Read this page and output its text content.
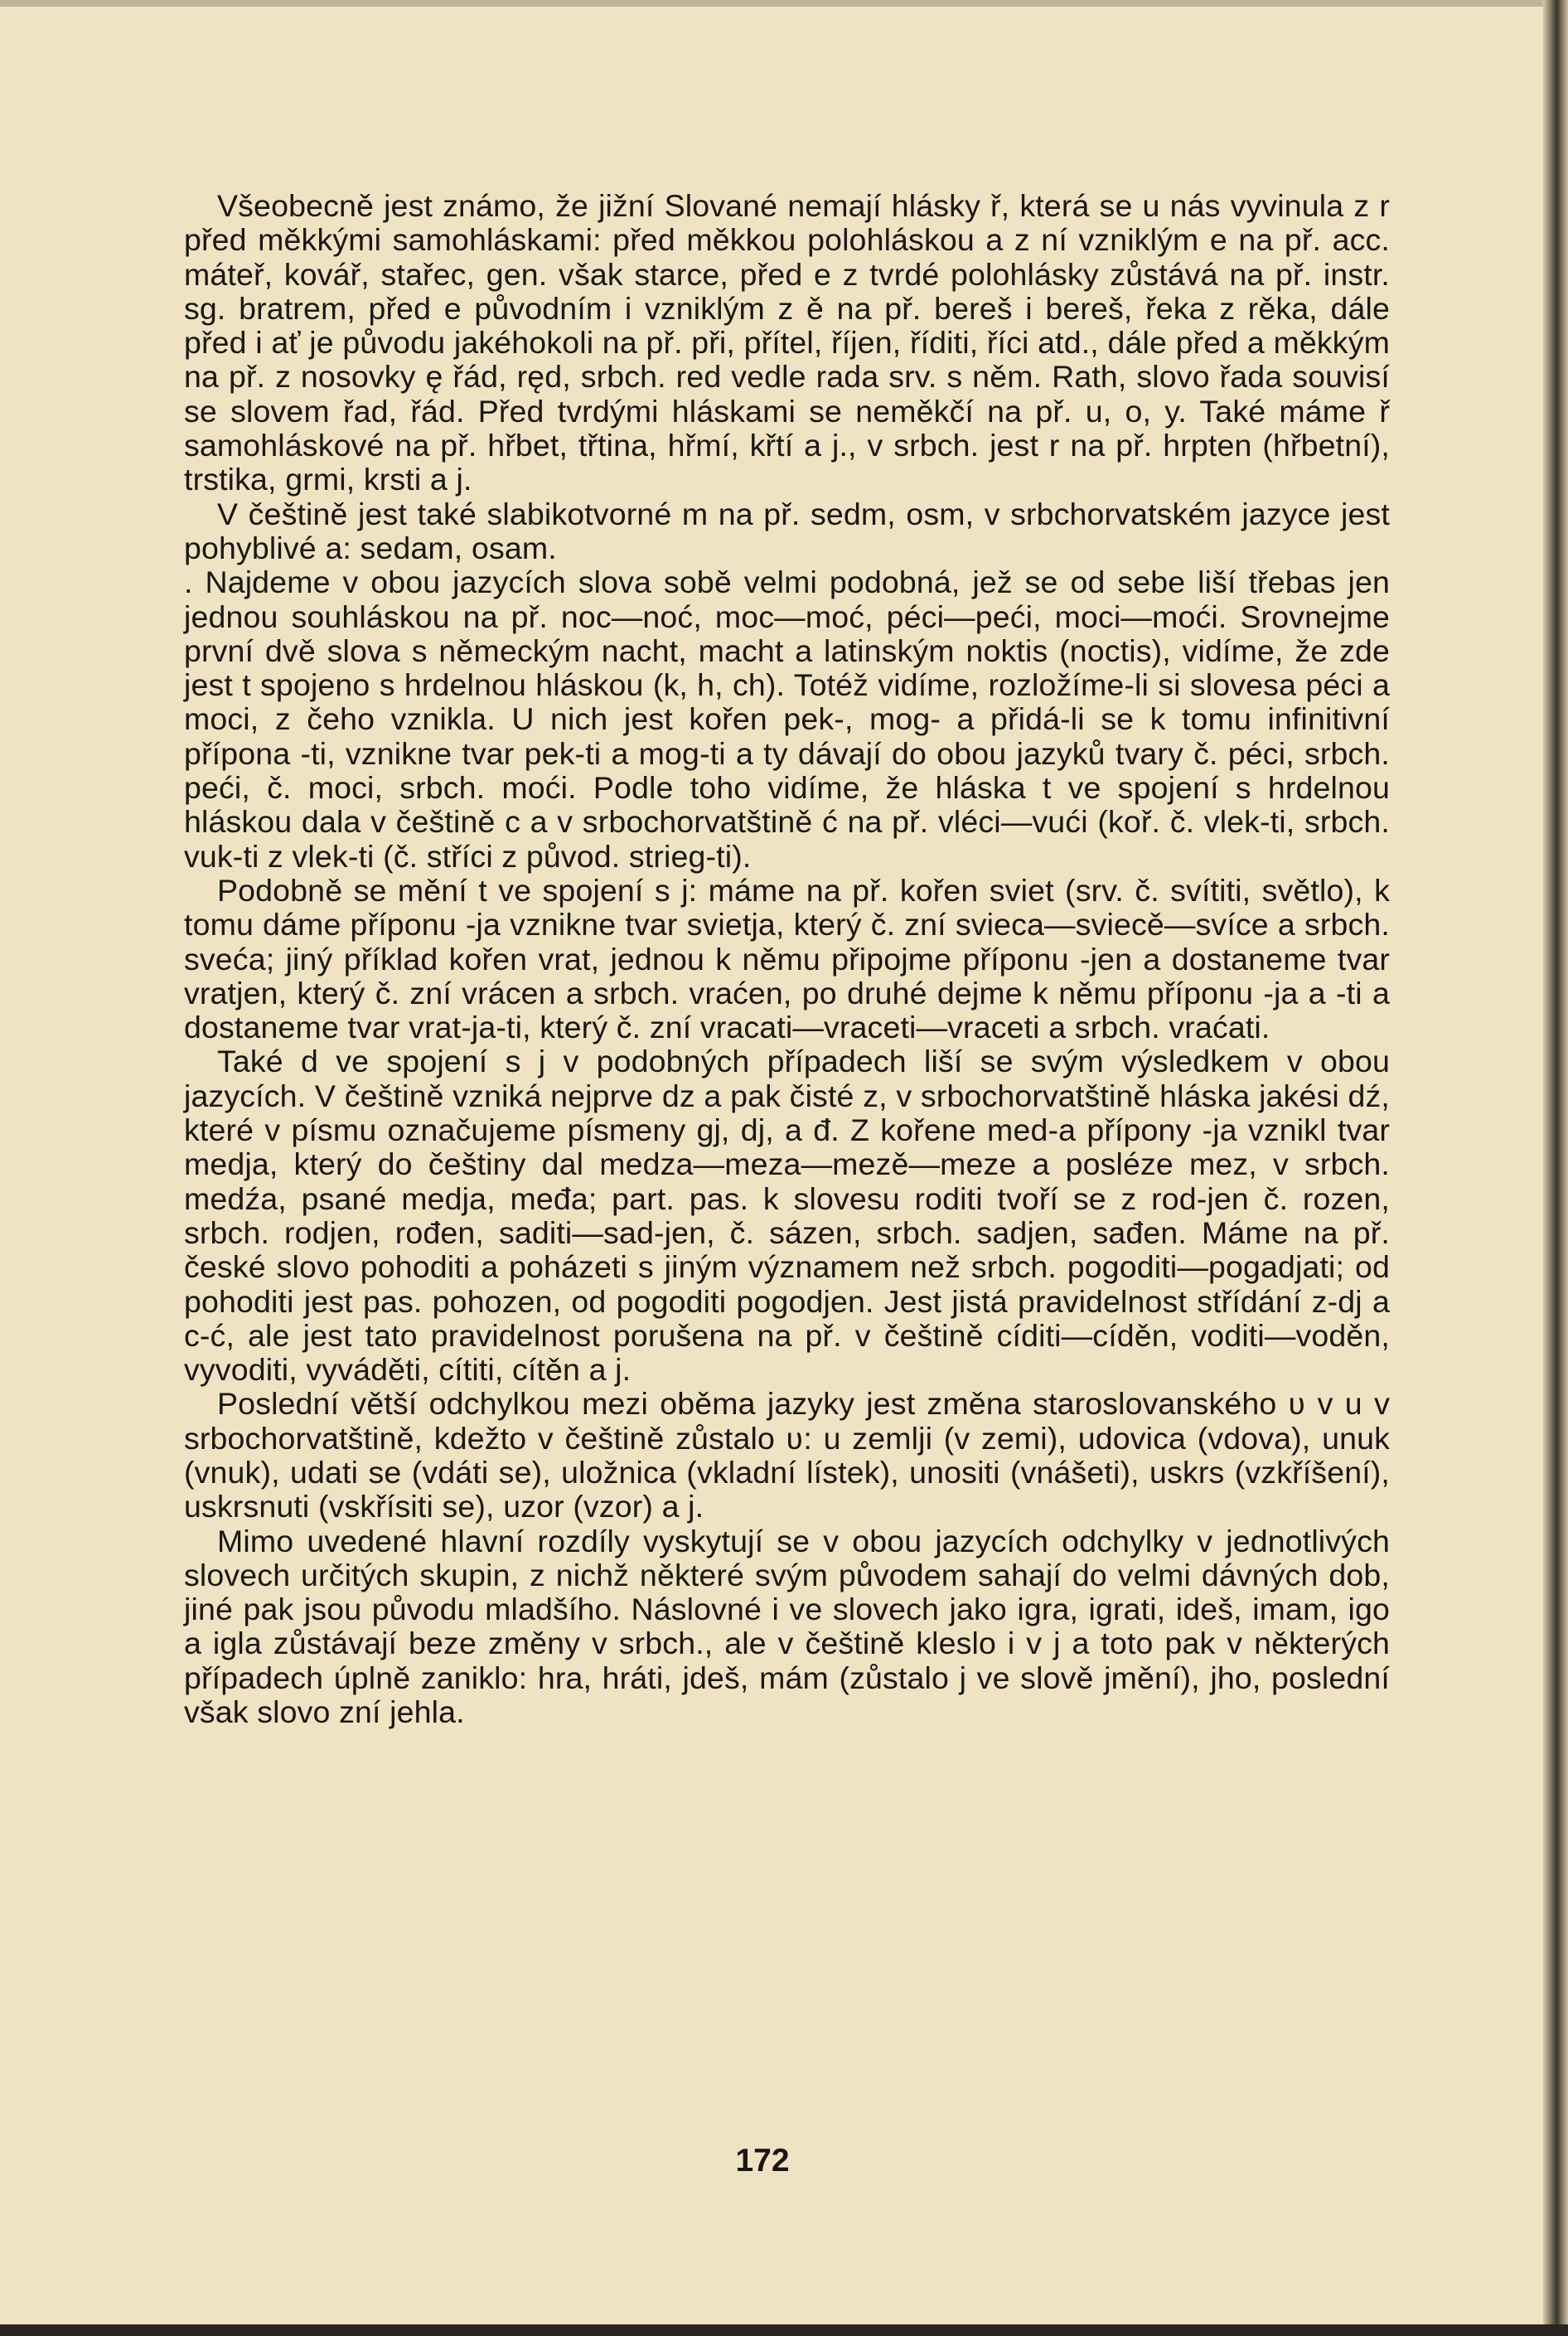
Všeobecně jest známo, že jižní Slované nemají hlásky ř, která se u nás vyvinula z r před měkkými samohláskami: před měkkou polohláskou a z ní vzniklým e na př. acc. máteř, kovář, stařec, gen. však starce, před e z tvrdé polohlásky zůstává na př. instr. sg. bratrem, před e původním i vzniklým z ě na př. bereš i bereš, řeka z rěka, dále před i ať je původu jakéhokoli na př. při, přítel, říjen, říditi, říci atd., dále před a měkkým na př. z nosovky ę řád, ręd, srbch. red vedle rada srv. s něm. Rath, slovo řada souvisí se slovem řad, řád. Před tvrdými hláskami se neměkčí na př. u, o, y. Také máme ř samohláskové na př. hřbet, třtina, hřmí, křtí a j., v srbch. jest r na př. hrpten (hřbetní), trstika, grmi, krsti a j.

V češtině jest také slabikotvorné m na př. sedm, osm, v srbchorvatském jazyce jest pohyblivé a: sedam, osam.

. Najdeme v obou jazycích slova sobě velmi podobná, jež se od sebe liší třebas jen jednou souhláskou na př. noc—noć, moc—moć, péci—peći, moci—moći. Srovnejme první dvě slova s německým nacht, macht a latinským noktis (noctis), vidíme, že zde jest t spojeno s hrdelnou hláskou (k, h, ch). Totéž vidíme, rozložíme-li si slovesa péci a moci, z čeho vznikla. U nich jest kořen pek-, mog- a přidá-li se k tomu infinitivní přípona -ti, vznikne tvar pek-ti a mog-ti a ty dávají do obou jazyků tvary č. péci, srbch. peći, č. moci, srbch. moći. Podle toho vidíme, že hláska t ve spojení s hrdelnou hláskou dala v češtině c a v srbochorvatštině ć na př. vléci—vući (koř. č. vlek-ti, srbch. vuk-ti z vlek-ti (č. stříci z původ. strieg-ti).

Podobně se mění t ve spojení s j: máme na př. kořen sviet (srv. č. svítiti, světlo), k tomu dáme příponu -ja vznikne tvar svietja, který č. zní svieca—sviecě—svíce a srbch. sveća; jiný příklad kořen vrat, jednou k němu připojme příponu -jen a dostaneme tvar vratjen, který č. zní vrácen a srbch. vraćen, po druhé dejme k němu příponu -ja a -ti a dostaneme tvar vrat-ja-ti, který č. zní vracati—vraceti—vraceti a srbch. vraćati.

Také d ve spojení s j v podobných případech liší se svým výsledkem v obou jazycích. V češtině vzniká nejprve dz a pak čisté z, v srbochorvatštině hláska jakési dź, které v písmu označujeme písmeny gj, dj, a đ. Z kořene med-a přípony -ja vznikl tvar medja, který do češtiny dal medza—meza—mezě—meze a posléze mez, v srbch. medźa, psané medja, međa; part. pas. k slovesu roditi tvoří se z rod-jen č. rozen, srbch. rodjen, rođen, saditi—sad-jen, č. sázen, srbch. sadjen, sađen. Máme na př. české slovo pohoditi a poházeti s jiným významem než srbch. pogoditi—pogadjati; od pohoditi jest pas. pohozen, od pogoditi pogodjen. Jest jistá pravidelnost střídání z-dj a c-ć, ale jest tato pravidelnost porušena na př. v češtině cíditi—cíděn, voditi—voděn, vyvoditi, vyváděti, cítiti, cítěn a j.

Poslední větší odchylkou mezi oběma jazyky jest změna staroslovanského ʋ v u v srbochorvatštině, kdežto v češtině zůstalo ʋ: u zemlji (v zemi), udovica (vdova), unuk (vnuk), udati se (vdáti se), uložnica (vkladní lístek), unositi (vnášeti), uskrs (vzkříšení), uskrsnuti (vskřísiti se), uzor (vzor) a j.

Mimo uvedené hlavní rozdíly vyskytují se v obou jazycích odchylky v jednotlivých slovech určitých skupin, z nichž některé svým původem sahají do velmi dávných dob, jiné pak jsou původu mladšího. Náslovné i ve slovech jako igra, igrati, ideš, imam, igo a igla zůstávají beze změny v srbch., ale v češtině kleslo i v j a toto pak v některých případech úplně zaniklo: hra, hráti, jdeš, mám (zůstalo j ve slově jmění), jho, poslední však slovo zní jehla.

172
